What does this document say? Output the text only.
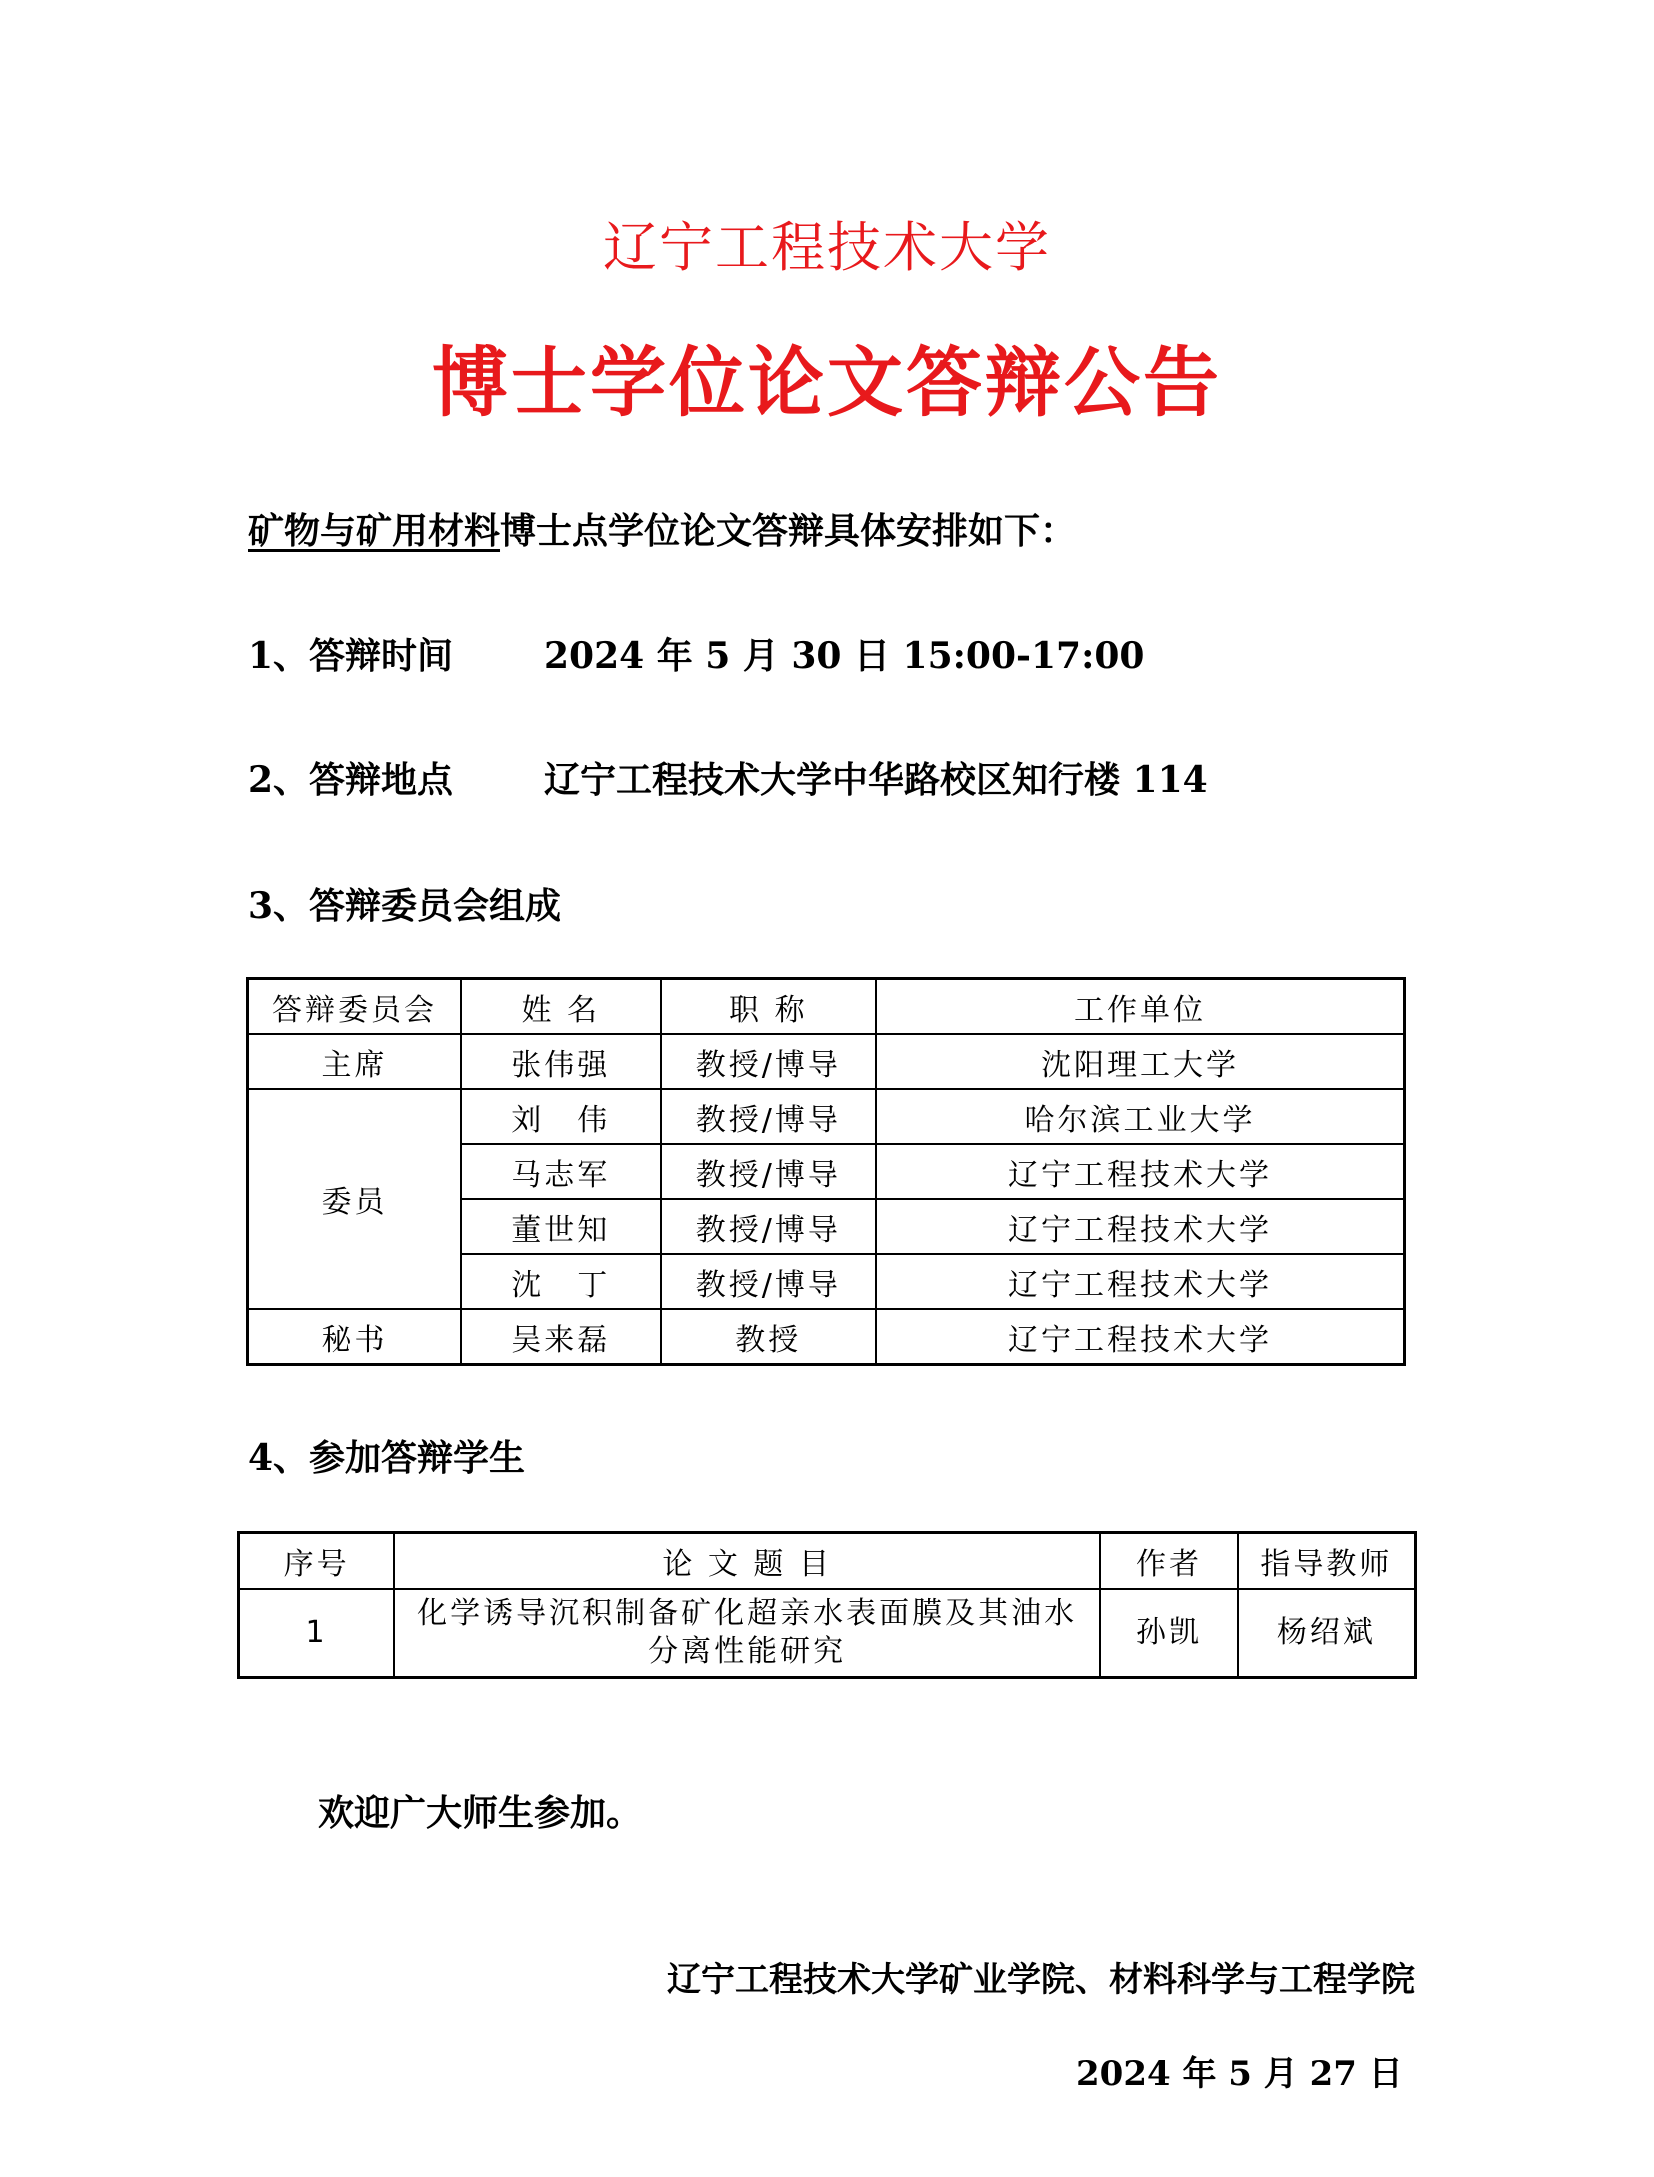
辽宁工程技术大学
博士学位论文答辩公告
矿物与矿用材料博士点学位论文答辩具体安排如下：
1、答辩时间	2024 年 5 月 30 日 15:00-17:00
2、答辩地点	辽宁工程技术大学中华路校区知行楼 114
3、答辩委员会组成
答辩委员会	姓 名	职 称	工作单位
主席	张伟强	教授/博导	沈阳理工大学
委员	刘　伟	教授/博导	哈尔滨工业大学
	马志军	教授/博导	辽宁工程技术大学
	董世知	教授/博导	辽宁工程技术大学
	沈　丁	教授/博导	辽宁工程技术大学
秘书	吴来磊	教授	辽宁工程技术大学
4、参加答辩学生
序号	论 文 题 目	作者	指导教师
1	化学诱导沉积制备矿化超亲水表面膜及其油水分离性能研究	孙凯	杨绍斌
欢迎广大师生参加。
辽宁工程技术大学矿业学院、材料科学与工程学院
2024 年 5 月 27 日
